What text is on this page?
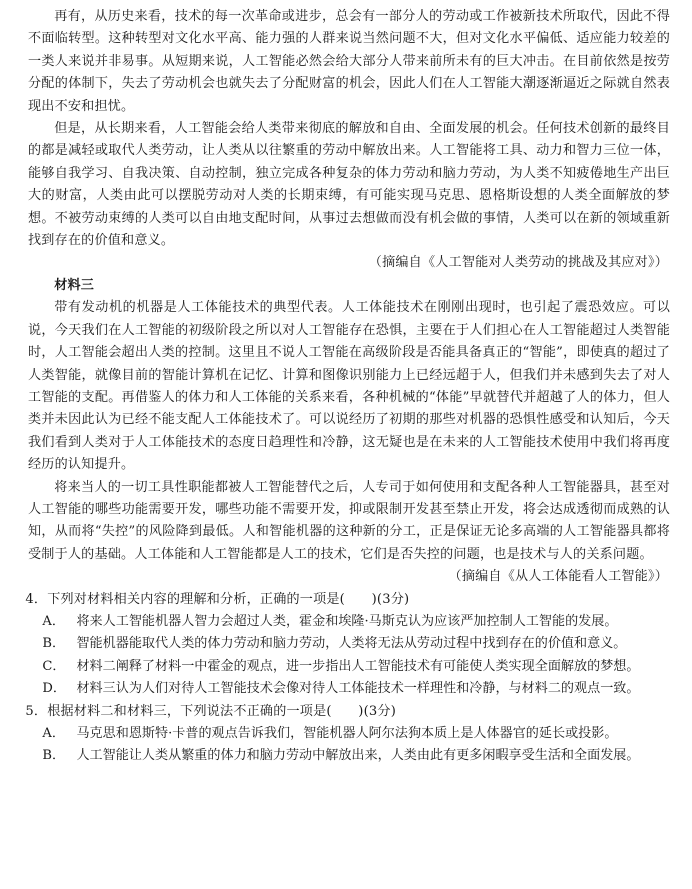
再有，从历史来看，技术的每一次革命或进步，总会有一部分人的劳动或工作被新技术所取代，因此不得不面临转型。这种转型对文化水平高、能力强的人群来说当然问题不大，但对文化水平偏低、适应能力较差的一类人来说并非易事。从短期来说，人工智能必然会给大部分人带来前所未有的巨大冲击。在目前依然是按劳分配的体制下，失去了劳动机会也就失去了分配财富的机会，因此人们在人工智能大潮逐渐逼近之际就自然表现出不安和担忧。

但是，从长期来看，人工智能会给人类带来彻底的解放和自由、全面发展的机会。任何技术创新的最终目的都是减轻或取代人类劳动，让人类从以往繁重的劳动中解放出来。人工智能将工具、动力和智力三位一体，能够自我学习、自我决策、自动控制，独立完成各种复杂的体力劳动和脑力劳动，为人类不知疲倦地生产出巨大的财富，人类由此可以摆脱劳动对人类的长期束缚，有可能实现马克思、恩格斯设想的人类全面解放的梦想。不被劳动束缚的人类可以自由地支配时间，从事过去想做而没有机会做的事情，人类可以在新的领域重新找到存在的价值和意义。

（摘编自《人工智能对人类劳动的挑战及其应对》）

材料三

带有发动机的机器是人工体能技术的典型代表。人工体能技术在刚刚出现时，也引起了震恐效应。可以说，今天我们在人工智能的初级阶段之所以对人工智能存在恐惧，主要在于人们担心在人工智能超过人类智能时，人工智能会超出人类的控制。这里且不说人工智能在高级阶段是否能具备真正的“智能”，即使真的超过了人类智能，就像目前的智能计算机在记忆、计算和图像识别能力上已经远超于人，但我们并未感到失去了对人工智能的支配。再借鉴人的体力和人工体能的关系来看，各种机械的“体能”早就替代并超越了人的体力，但人类并未因此认为已经不能支配人工体能技术了。可以说经历了初期的那些对机器的恐惧性感受和认知后，今天我们看到人类对于人工体能技术的态度日趋理性和冷静，这无疑也是在未来的人工智能技术使用中我们将再度经历的认知提升。

将来当人的一切工具性职能都被人工智能替代之后，人专司于如何使用和支配各种人工智能器具，甚至对人工智能的哪些功能需要开发，哪些功能不需要开发，抑或限制开发甚至禁止开发，将会达成透彻而成熟的认知，从而将“失控”的风险降到最低。人和智能机器的这种新的分工，正是保证无论多高端的人工智能器具都将受制于人的基础。人工体能和人工智能都是人工的技术，它们是否失控的问题，也是技术与人的关系问题。

（摘编自《从人工体能看人工智能》）

4．下列对材料相关内容的理解和分析，正确的一项是(　　)(3分)

A． 将来人工智能机器人智力会超过人类，霍金和埃隆·马斯克认为应该严加控制人工智能的发展。
B． 智能机器能取代人类的体力劳动和脑力劳动，人类将无法从劳动过程中找到存在的价值和意义。
C． 材料二阐释了材料一中霍金的观点，进一步指出人工智能技术有可能使人类实现全面解放的梦想。
D． 材料三认为人们对待人工智能技术会像对待人工体能技术一样理性和冷静，与材料二的观点一致。

5．根据材料二和材料三，下列说法不正确的一项是(　　)(3分)

A． 马克思和恩斯特·卡普的观点告诉我们，智能机器人阿尔法狗本质上是人体器官的延长或投影。
B． 人工智能让人类从繁重的体力和脑力劳动中解放出来，人类由此有更多闲暇享受生活和全面发展。
